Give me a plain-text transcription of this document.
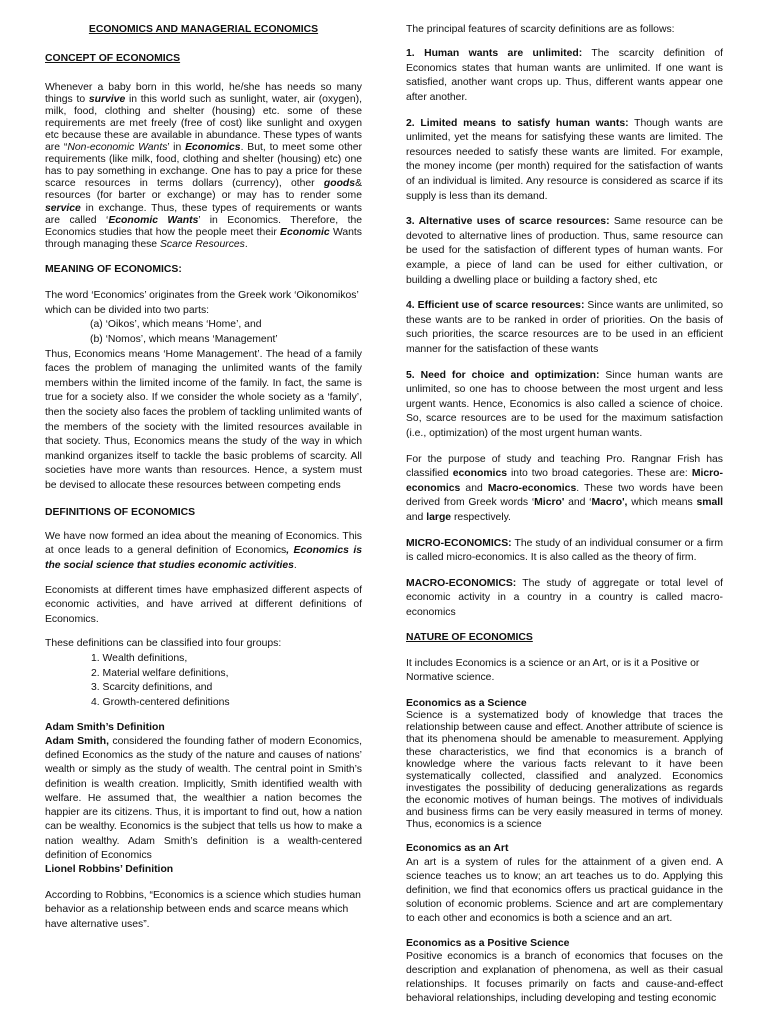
ECONOMICS AND MANAGERIAL ECONOMICS

CONCEPT OF ECONOMICS

Whenever a baby born in this world, he/she has needs so many things to survive in this world such as sunlight, water, air (oxygen), milk, food, clothing and shelter (housing) etc. some of these requirements are met freely (free of cost) like sunlight and oxygen etc because these are available in abundance. These types of wants are “Non-economic Wants’ in Economics. But, to meet some other requirements (like milk, food, clothing and shelter (housing) etc) one has to pay something in exchange. One has to pay a price for these scarce resources in terms dollars (currency), other goods& resources (for barter or exchange) or may has to render some service in exchange. Thus, these types of requirements or wants are called ‘Economic Wants’ in Economics. Therefore, the Economics studies that how the people meet their Economic Wants through managing these Scarce Resources.

MEANING OF ECONOMICS:

The word ‘Economics’ originates from the Greek work ‘Oikonomikos’ which can be divided into two parts:

(a) ‘Oikos’, which means ‘Home’, and

(b) ‘Nomos’, which means ‘Management’

Thus, Economics means ‘Home Management’. The head of a family faces the problem of managing the unlimited wants of the family members within the limited income of the family. In fact, the same is true for a society also. If we consider the whole society as a ‘family’, then the society also faces the problem of tackling unlimited wants of the members of the society with the limited resources available in that society. Thus, Economics means the study of the way in which mankind organizes itself to tackle the basic problems of scarcity. All societies have more wants than resources. Hence, a system must be devised to allocate these resources between competing ends

DEFINITIONS OF ECONOMICS

We have now formed an idea about the meaning of Economics. This at once leads to a general definition of Economics, Economics is the social science that studies economic activities.

Economists at different times have emphasized different aspects of economic activities, and have arrived at different definitions of Economics.

These definitions can be classified into four groups:

1. Wealth definitions,

2. Material welfare definitions,

3. Scarcity definitions, and

4. Growth-centered definitions

Adam Smith’s Definition

Adam Smith, considered the founding father of modern Economics, defined Economics as the study of the nature and causes of nations’ wealth or simply as the study of wealth. The central point in Smith’s definition is wealth creation. Implicitly, Smith identified wealth with welfare. He assumed that, the wealthier a nation becomes the happier are its citizens. Thus, it is important to find out, how a nation can be wealthy. Economics is the subject that tells us how to make a nation wealthy. Adam Smith’s definition is a wealth-centered definition of Economics

Lionel Robbins’ Definition

According to Robbins, “Economics is a science which studies human behavior as a relationship between ends and scarce means which have alternative uses”.

The principal features of scarcity definitions are as follows:

1. Human wants are unlimited: The scarcity definition of Economics states that human wants are unlimited. If one want is satisfied, another want crops up. Thus, different wants appear one after another.

2. Limited means to satisfy human wants: Though wants are unlimited, yet the means for satisfying these wants are limited. The resources needed to satisfy these wants are limited. For example, the money income (per month) required for the satisfaction of wants of an individual is limited. Any resource is considered as scarce if its supply is less than its demand.

3. Alternative uses of scarce resources: Same resource can be devoted to alternative lines of production. Thus, same resource can be used for the satisfaction of different types of human wants. For example, a piece of land can be used for either cultivation, or building a dwelling place or building a factory shed, etc

4. Efficient use of scarce resources: Since wants are unlimited, so these wants are to be ranked in order of priorities. On the basis of such priorities, the scarce resources are to be used in an efficient manner for the satisfaction of these wants

5. Need for choice and optimization: Since human wants are unlimited, so one has to choose between the most urgent and less urgent wants. Hence, Economics is also called a science of choice. So, scarce resources are to be used for the maximum satisfaction (i.e., optimization) of the most urgent human wants.

For the purpose of study and teaching Pro. Rangnar Frish has classified economics into two broad categories. These are: Micro-economics and Macro-economics. These two words have been derived from Greek words ‘Micro' and ‘Macro', which means small and large respectively.

MICRO-ECONOMICS: The study of an individual consumer or a firm is called micro-economics. It is also called as the theory of firm.

MACRO-ECONOMICS: The study of aggregate or total level of economic activity in a country in a country is called macro-economics

NATURE OF ECONOMICS

It includes Economics is a science or an Art, or is it a Positive or Normative science.

Economics as a Science

Science is a systematized body of knowledge that traces the relationship between cause and effect. Another attribute of science is that its phenomena should be amenable to measurement. Applying these characteristics, we find that economics is a branch of knowledge where the various facts relevant to it have been systematically collected, classified and analyzed. Economics investigates the possibility of deducing generalizations as regards the economic motives of human beings. The motives of individuals and business firms can be very easily measured in terms of money. Thus, economics is a science

Economics as an Art

An art is a system of rules for the attainment of a given end. A science teaches us to know; an art teaches us to do. Applying this definition, we find that economics offers us practical guidance in the solution of economic problems. Science and art are complementary to each other and economics is both a science and an art.

Economics as a Positive Science

Positive economics is a branch of economics that focuses on the description and explanation of phenomena, as well as their casual relationships. It focuses primarily on facts and cause-and-effect behavioral relationships, including developing and testing economic
